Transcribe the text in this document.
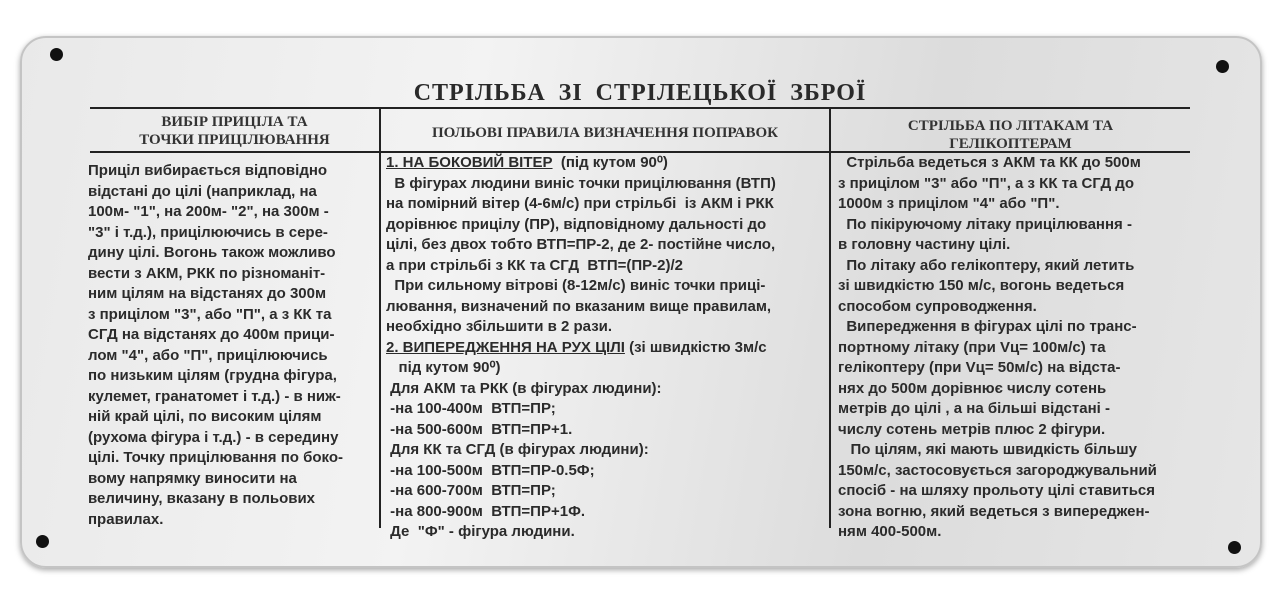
СТРІЛЬБА ЗІ СТРІЛЕЦЬКОЇ ЗБРОЇ
ВИБІР ПРИЦІЛА ТА
ТОЧКИ ПРИЦІЛЮВАННЯ	ПОЛЬОВІ ПРАВИЛА ВИЗНАЧЕННЯ ПОПРАВОК	СТРІЛЬБА ПО ЛІТАКАМ ТА
ГЕЛІКОПТЕРАМ

Приціл вибирається відповідно

відстані до цілі (наприклад, на

100м- "1", на 200м- "2", на 300м -

"3" і т.д.), прицілюючись в сере-

дину цілі. Вогонь також можливо

вести з АКМ, РКК по різноманіт-

ним цілям на відстанях до 300м

з прицілом "3", або "П", а з КК та

СГД на відстанях до 400м прици-

лом "4", або "П", прицілюючись

по низьким цілям (грудна фігура,

кулемет, гранатомет і т.д.) - в ниж-

ній край цілі, по високим цілям

(рухома фігура і т.д.) - в середину

цілі. Точку прицілювання по боко-

вому напрямку виносити на

величину, вказану в польових

правилах.

1. НА БОКОВИЙ ВІТЕР  (під кутом 90⁰)

В фігурах людини виніс точки прицілювання (ВТП)

на помірний вітер (4-6м/с) при стрільбі  із АКМ і РКК

дорівнює прицілу (ПР), відповідному дальності до

цілі, без двох тобто ВТП=ПР-2, де 2- постійне число,

а при стрільбі з КК та СГД  ВТП=(ПР-2)/2

При сильному вітрові (8-12м/с) виніс точки приці-

лювання, визначений по вказаним вище правилам,

необхідно збільшити в 2 рази.

2. ВИПЕРЕДЖЕННЯ НА РУХ ЦІЛІ (зі швидкістю 3м/с

під кутом 90⁰)

Для АКМ та РКК (в фігурах людини):

-на 100-400м  ВТП=ПР;

-на 500-600м  ВТП=ПР+1.

Для КК та СГД (в фігурах людини):

-на 100-500м  ВТП=ПР-0.5Ф;

-на 600-700м  ВТП=ПР;

-на 800-900м  ВТП=ПР+1Ф.

Де  "Ф" - фігура людини.

Стрільба ведеться з АКМ та КК до 500м

з прицілом "3" або "П", а з КК та СГД до

1000м з прицілом "4" або "П".

По пікіруючому літаку прицілювання -

в головну частину цілі.

По літаку або гелікоптеру, який летить

зі швидкістю 150 м/с, вогонь ведеться

способом супроводження.

Випередження в фігурах цілі по транс-

портному літаку (при Vц= 100м/с) та

гелікоптеру (при Vц= 50м/с) на відста-

нях до 500м дорівнює числу сотень

метрів до цілі , а на більші відстані -

числу сотень метрів плюс 2 фігури.

По цілям, які мають швидкість більшу

150м/с, застосовується загороджувальний

спосіб - на шляху прольоту цілі ставиться

зона вогню, який ведеться з випереджен-

ням 400-500м.
